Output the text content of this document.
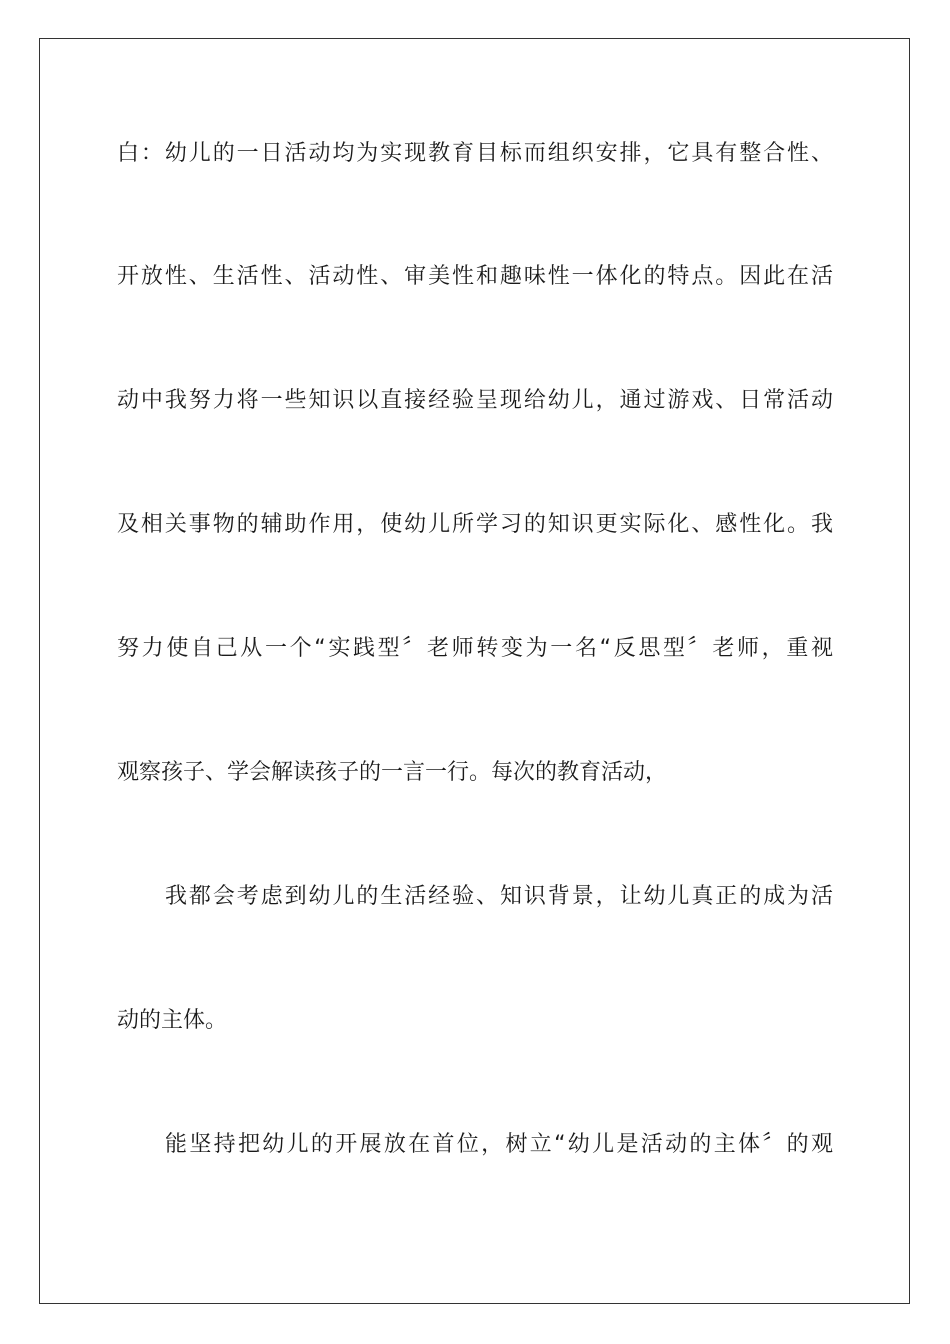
白：幼儿的一日活动均为实现教育目标而组织安排，它具有整合性、
开放性、生活性、活动性、审美性和趣味性一体化的特点。因此在活
动中我努力将一些知识以直接经验呈现给幼儿，通过游戏、日常活动
及相关事物的辅助作用，使幼儿所学习的知识更实际化、感性化。我
努力使自己从一个“实践型〞老师转变为一名“反思型〞老师，重视
观察孩子、学会解读孩子的一言一行。每次的教育活动，
我都会考虑到幼儿的生活经验、知识背景，让幼儿真正的成为活
动的主体。
能坚持把幼儿的开展放在首位，树立“幼儿是活动的主体〞的观
